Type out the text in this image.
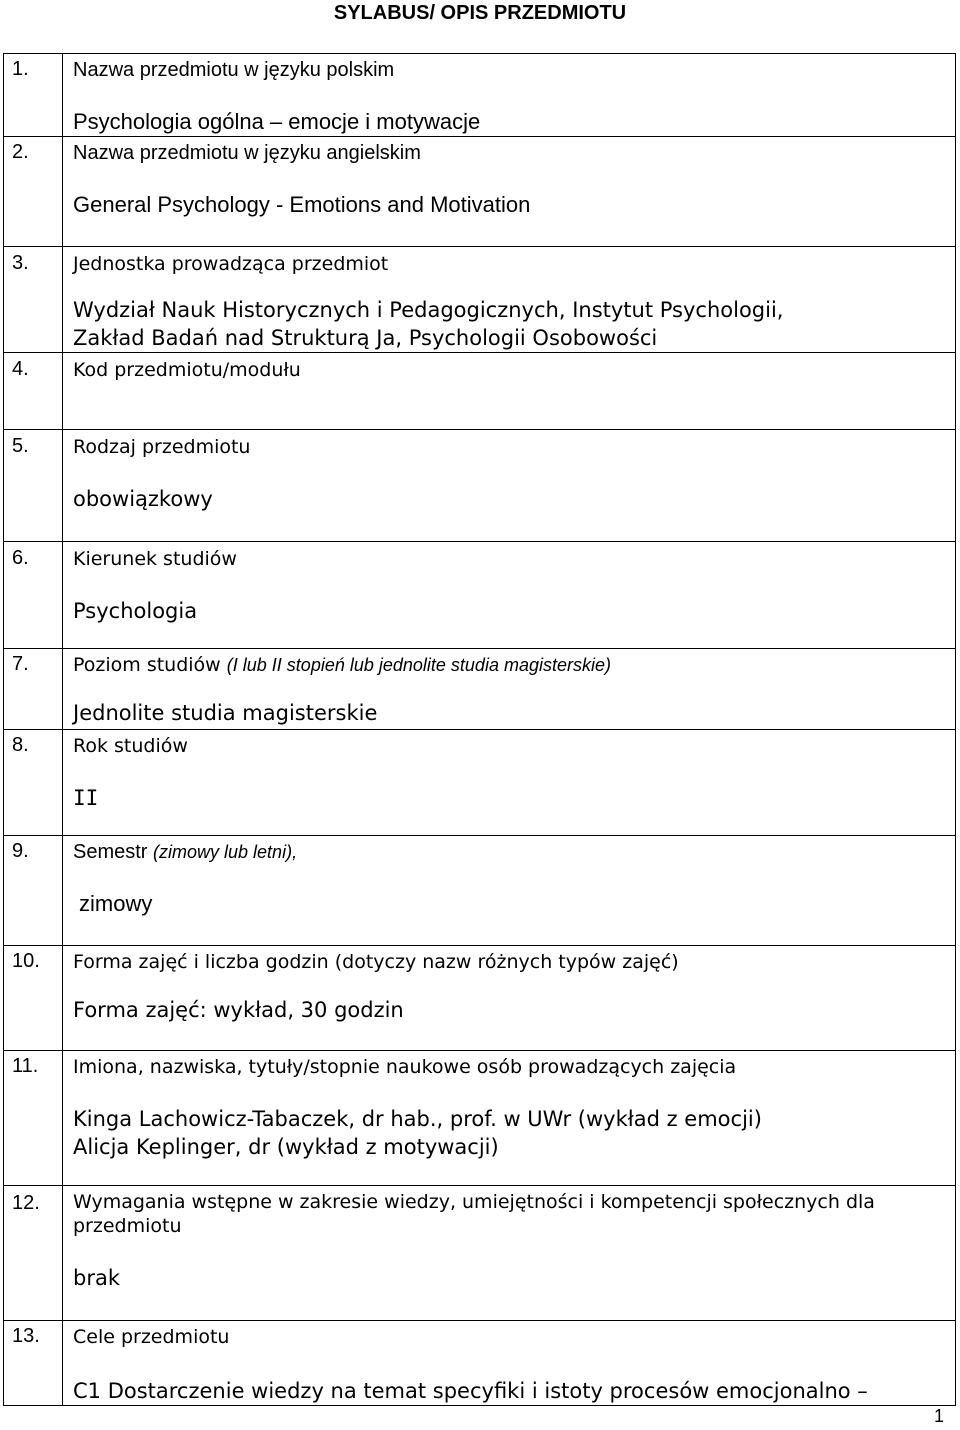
SYLABUS/ OPIS PRZEDMIOTU
1.	Nazwa przedmiotu w języku polskim
Psychologia ogólna – emocje i motywacje

2.	Nazwa przedmiotu w języku angielskim
General Psychology - Emotions and Motivation

3.	Jednostka prowadząca przedmiot
Wydział Nauk Historycznych i Pedagogicznych, Instytut Psychologii,
Zakład Badań nad Strukturą Ja, Psychologii Osobowości

4.	Kod przedmiotu/modułu

5.	Rodzaj przedmiotu
obowiązkowy

6.	Kierunek studiów
Psychologia

7.	Poziom studiów (I lub II stopień lub jednolite studia magisterskie)
Jednolite studia magisterskie

8.	Rok studiów
II

9.	Semestr (zimowy lub letni),
zimowy

10.	Forma zajęć i liczba godzin (dotyczy nazw różnych typów zajęć)
Forma zajęć: wykład, 30 godzin

11.	Imiona, nazwiska, tytuły/stopnie naukowe osób prowadzących zajęcia
Kinga Lachowicz-Tabaczek, dr hab., prof. w UWr (wykład z emocji)
Alicja Keplinger, dr (wykład z motywacji)

12.	Wymagania wstępne w zakresie wiedzy, umiejętności i kompetencji społecznych dla
przedmiotu
brak

13.	Cele przedmiotu
C1 Dostarczenie wiedzy na temat specyfiki i istoty procesów emocjonalno –
1
